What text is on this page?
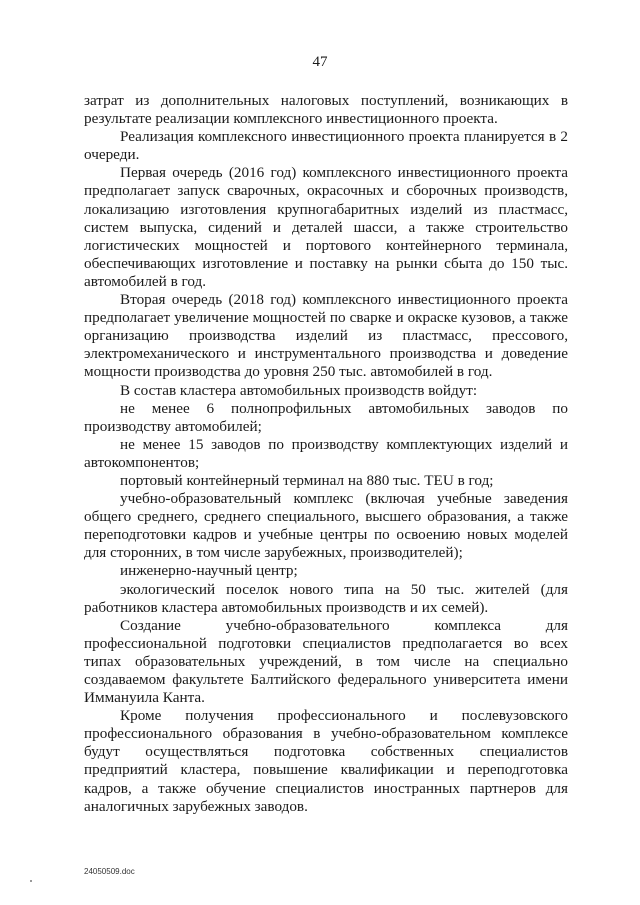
47

затрат из дополнительных налоговых поступлений, возникающих в результате реализации комплексного инвестиционного проекта.

Реализация комплексного инвестиционного проекта планируется в 2 очереди.

Первая очередь (2016 год) комплексного инвестиционного проекта предполагает запуск сварочных, окрасочных и сборочных производств, локализацию изготовления крупногабаритных изделий из пластмасс, систем выпуска, сидений и деталей шасси, а также строительство логистических мощностей и портового контейнерного терминала, обеспечивающих изготовление и поставку на рынки сбыта до 150 тыс. автомобилей в год.

Вторая очередь (2018 год) комплексного инвестиционного проекта предполагает увеличение мощностей по сварке и окраске кузовов, а также организацию производства изделий из пластмасс, прессового, электромеханического и инструментального производства и доведение мощности производства до уровня 250 тыс. автомобилей в год.

В состав кластера автомобильных производств войдут:

не менее 6 полнопрофильных автомобильных заводов по производству автомобилей;

не менее 15 заводов по производству комплектующих изделий и автокомпонентов;

портовый контейнерный терминал на 880 тыс. TEU в год;

учебно-образовательный комплекс (включая учебные заведения общего среднего, среднего специального, высшего образования, а также переподготовки кадров и учебные центры по освоению новых моделей для сторонних, в том числе зарубежных, производителей);

инженерно-научный центр;

экологический поселок нового типа на 50 тыс. жителей (для работников кластера автомобильных производств и их семей).

Создание учебно-образовательного комплекса для профессиональной подготовки специалистов предполагается во всех типах образовательных учреждений, в том числе на специально создаваемом факультете Балтийского федерального университета имени Иммануила Канта.

Кроме получения профессионального и послевузовского профессионального образования в учебно-образовательном комплексе будут осуществляться подготовка собственных специалистов предприятий кластера, повышение квалификации и переподготовка кадров, а также обучение специалистов иностранных партнеров для аналогичных зарубежных заводов.

24050509.doc
